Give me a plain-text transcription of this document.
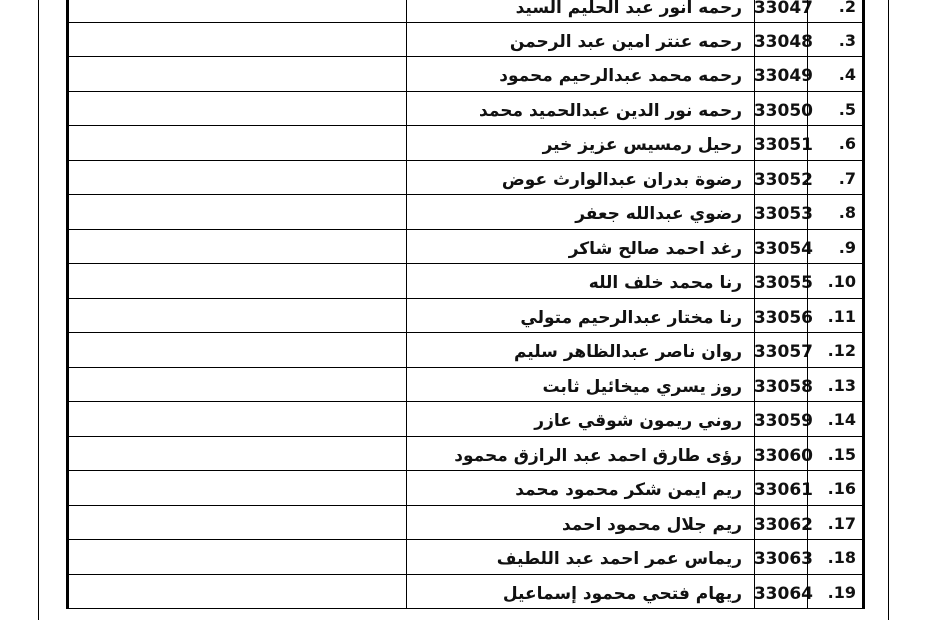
رحمه انور عبد الحليم السيد 33047	.2
رحمه عنتر امين عبد الرحمن 33048	.3
رحمه محمد عبدالرحيم محمود 33049	.4
رحمه نور الدين عبدالحميد محمد 33050	.5
رحيل رمسيس عزيز خير 33051	.6
رضوة بدران عبدالوارث عوض 33052	.7
رضوي عبدالله جعفر 33053	.8
رغد احمد صالح شاكر 33054	.9
رنا محمد خلف الله 33055 .10
رنا مختار عبدالرحيم متولي 33056 .11
روان ناصر عبدالظاهر سليم 33057 .12
روز يسري ميخائيل ثابت 33058 .13
روني ريمون شوقي عازر 33059 .14
رؤى طارق احمد عبد الرازق محمود 33060 .15
ريم ايمن شكر محمود محمد 33061 .16
ريم جلال محمود احمد 33062 .17
ريماس عمر احمد عبد اللطيف 33063 .18
ريهام فتحي محمود إسماعيل 33064 .19
